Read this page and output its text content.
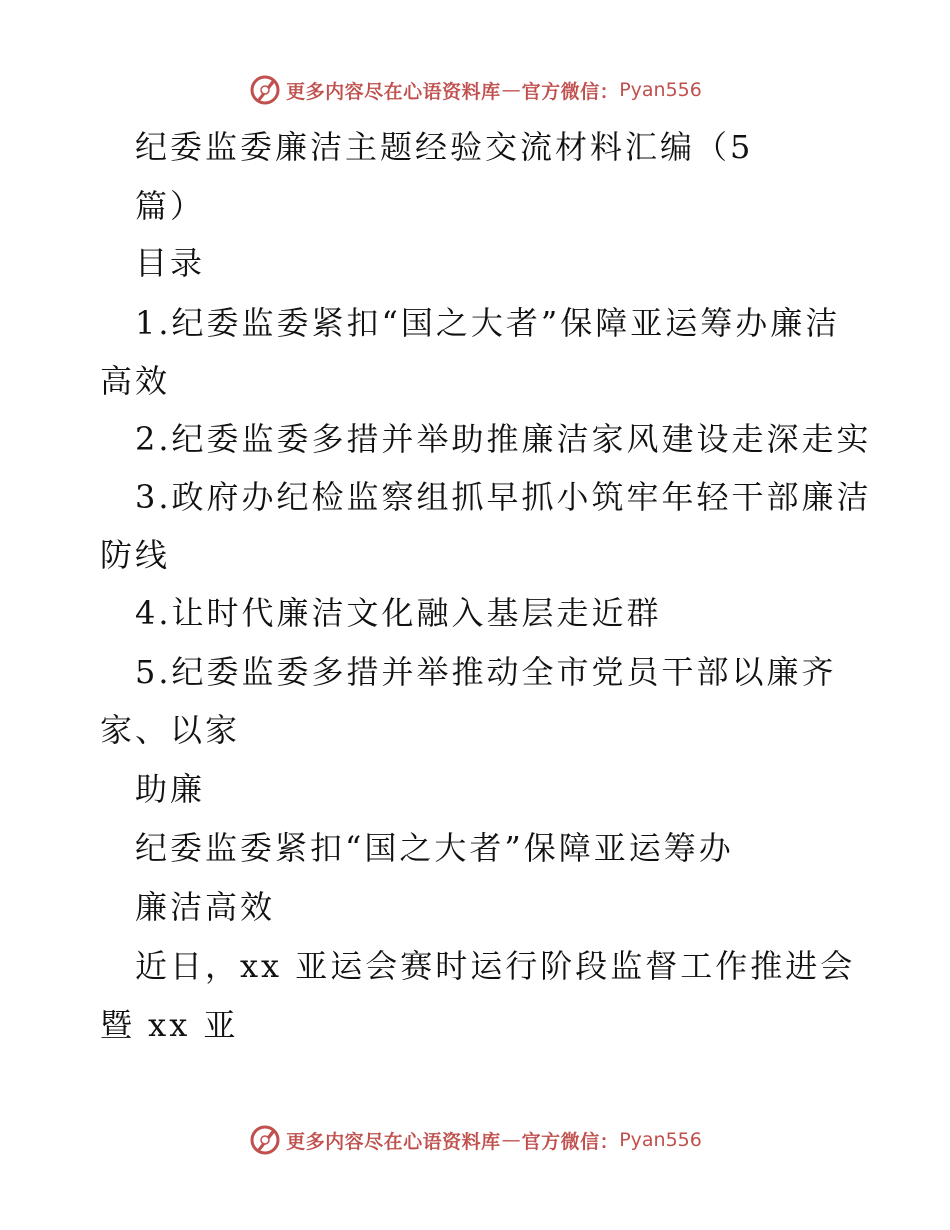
更多内容尽在心语资料库 — 官方微信： Pyan556
纪委监委廉洁主题经验交流材料汇编（5
篇）
目录
1.纪委监委紧扣“国之大者”保障亚运筹办廉洁
高效
2.纪委监委多措并举助推廉洁家风建设走深走实
3.政府办纪检监察组抓早抓小筑牢年轻干部廉洁
防线
4.让时代廉洁文化融入基层走近群
5.纪委监委多措并举推动全市党员干部以廉齐
家、以家
助廉
纪委监委紧扣“国之大者”保障亚运筹办
廉洁高效
近日，xx 亚运会赛时运行阶段监督工作推进会
暨 xx 亚
更多内容尽在心语资料库 — 官方微信： Pyan556
